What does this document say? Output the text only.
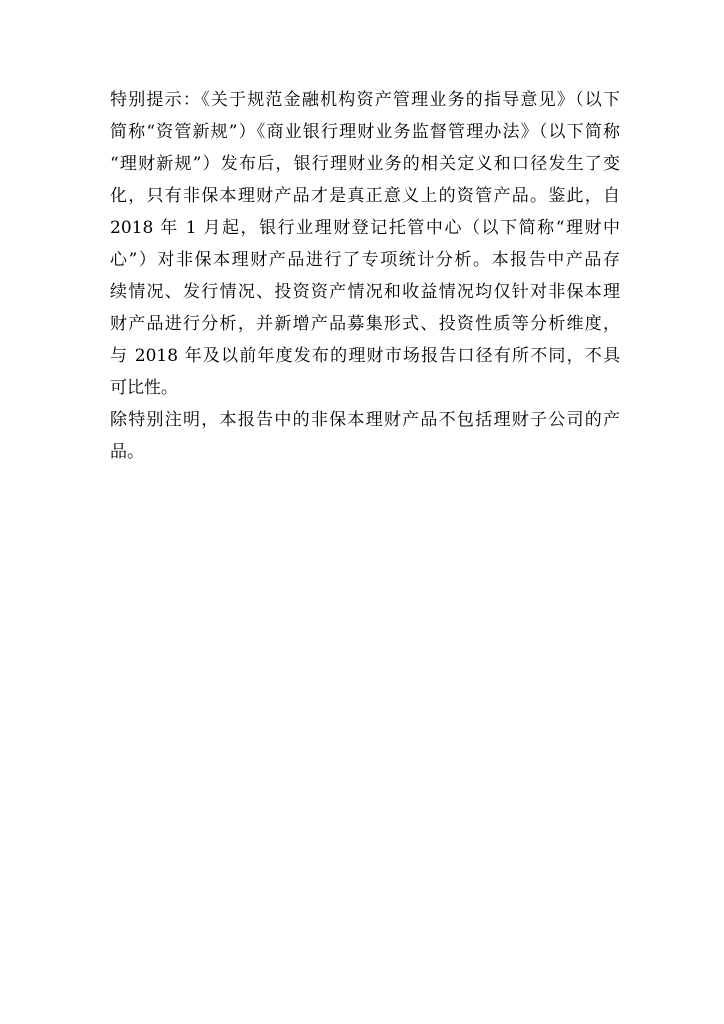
特别提示：《关于规范金融机构资产管理业务的指导意见》（以下
简称“资管新规”）《商业银行理财业务监督管理办法》（以下简称
“理财新规”）发布后，银行理财业务的相关定义和口径发生了变
化，只有非保本理财产品才是真正意义上的资管产品。鉴此，自
2018 年 1 月起，银行业理财登记托管中心（以下简称“理财中
心”）对非保本理财产品进行了专项统计分析。本报告中产品存
续情况、发行情况、投资资产情况和收益情况均仅针对非保本理
财产品进行分析，并新增产品募集形式、投资性质等分析维度，
与 2018 年及以前年度发布的理财市场报告口径有所不同，不具
可比性。
除特别注明，本报告中的非保本理财产品不包括理财子公司的产
品。
